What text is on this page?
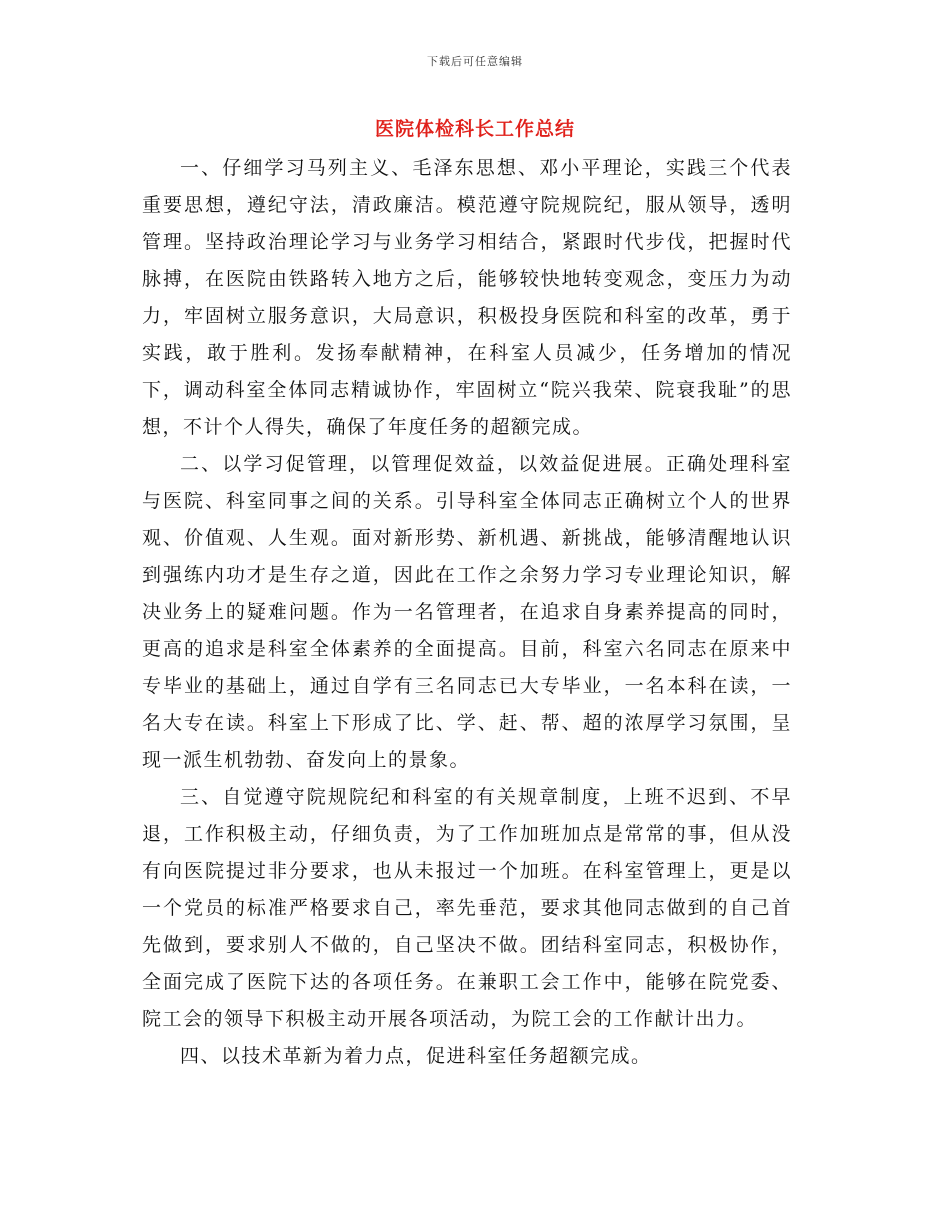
下载后可任意编辑
医院体检科长工作总结

一、仔细学习马列主义、毛泽东思想、邓小平理论，实践三个代表重要思想，遵纪守法，清政廉洁。模范遵守院规院纪，服从领导，透明管理。坚持政治理论学习与业务学习相结合，紧跟时代步伐，把握时代脉搏，在医院由铁路转入地方之后，能够较快地转变观念，变压力为动力，牢固树立服务意识，大局意识，积极投身医院和科室的改革，勇于实践，敢于胜利。发扬奉献精神，在科室人员减少，任务增加的情况下，调动科室全体同志精诚协作，牢固树立“院兴我荣、院衰我耻”的思想，不计个人得失，确保了年度任务的超额完成。

二、以学习促管理，以管理促效益，以效益促进展。正确处理科室与医院、科室同事之间的关系。引导科室全体同志正确树立个人的世界观、价值观、人生观。面对新形势、新机遇、新挑战，能够清醒地认识到强练内功才是生存之道，因此在工作之余努力学习专业理论知识，解决业务上的疑难问题。作为一名管理者，在追求自身素养提高的同时，更高的追求是科室全体素养的全面提高。目前，科室六名同志在原来中专毕业的基础上，通过自学有三名同志已大专毕业，一名本科在读，一名大专在读。科室上下形成了比、学、赶、帮、超的浓厚学习氛围，呈现一派生机勃勃、奋发向上的景象。

三、自觉遵守院规院纪和科室的有关规章制度，上班不迟到、不早退，工作积极主动，仔细负责，为了工作加班加点是常常的事，但从没有向医院提过非分要求，也从未报过一个加班。在科室管理上，更是以一个党员的标准严格要求自己，率先垂范，要求其他同志做到的自己首先做到，要求别人不做的，自己坚决不做。团结科室同志，积极协作，全面完成了医院下达的各项任务。在兼职工会工作中，能够在院党委、院工会的领导下积极主动开展各项活动，为院工会的工作献计出力。

四、以技术革新为着力点，促进科室任务超额完成。
